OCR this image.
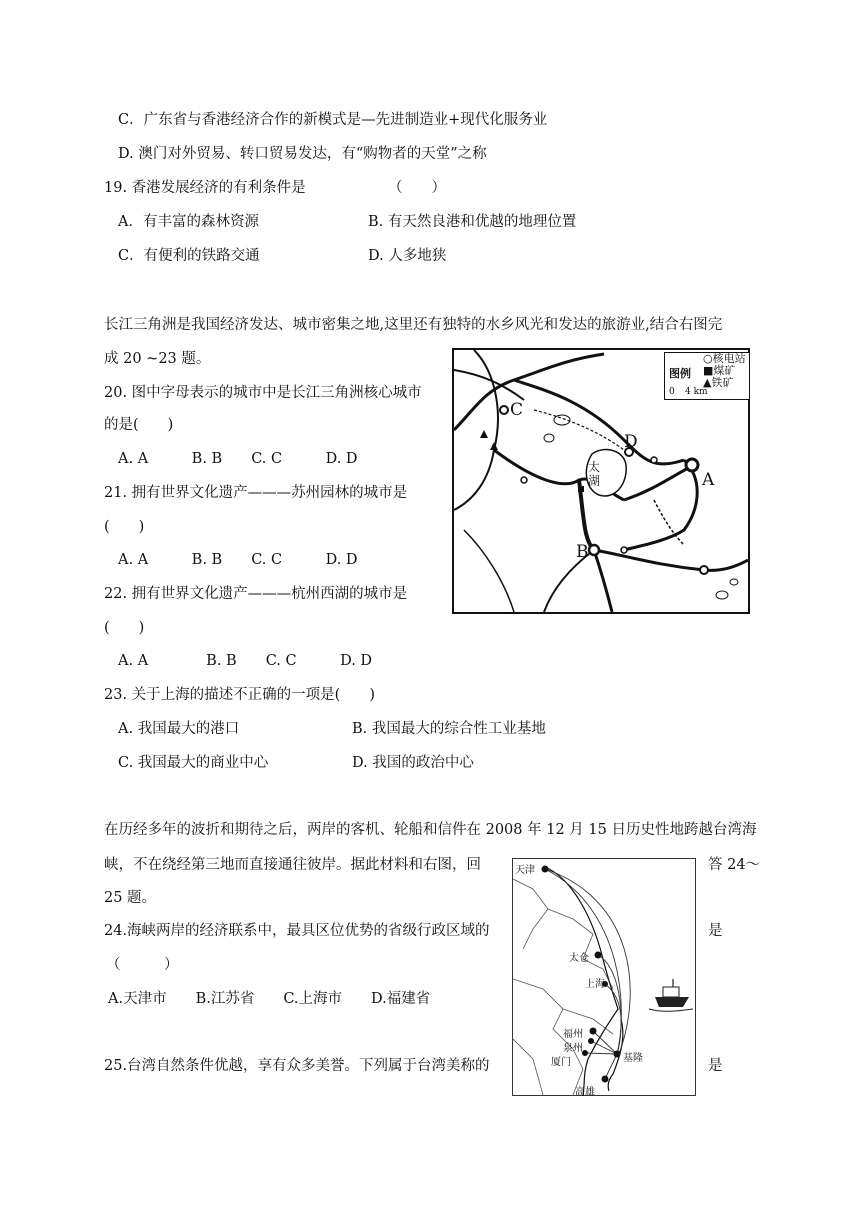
C．广东省与香港经济合作的新模式是—先进制造业+现代化服务业
D. 澳门对外贸易、转口贸易发达，有“购物者的天堂”之称
19. 香港发展经济的有利条件是	（　　）
A．有丰富的森林资源	B. 有天然良港和优越的地理位置
C．有便利的铁路交通	D. 人多地狭
长江三角洲是我国经济发达、城市密集之地,这里还有独特的水乡风光和发达的旅游业,结合右图完
成 20 ~23 题。
20. 图中字母表示的城市中是长江三角洲核心城市
的是(　　)
A. A　　　B. B　　C. C　　　D. D
21. 拥有世界文化遗产———苏州园林的城市是
(　　)
A. A　　　B. B　　C. C　　　D. D
22. 拥有世界文化遗产———杭州西湖的城市是
(　　)
A. A　　　　B. B　　C. C　　　D. D
23. 关于上海的描述不正确的一项是(　　)
A. 我国最大的港口	B. 我国最大的综合性工业基地
C. 我国最大的商业中心	D. 我国的政治中心
在历经多年的波折和期待之后，两岸的客机、轮船和信件在 2008 年 12 月 15 日历史性地跨越台湾海
峡，不在绕经第三地而直接通往彼岸。据此材料和右图，回	答 24～
25 题。
24.海峡两岸的经济联系中，最具区位优势的省级行政区域的	是
（　　　）
A.天津市　　B.江苏省　　C.上海市　　D.福建省
25.台湾自然条件优越，享有众多美誉。下列属于台湾美称的	是
图例
○核电站
■煤矿
▲铁矿
0 4 km
太湖	A
B
C
D
天津
太仓
上海
福州
泉州
厦门	基隆
高雄
